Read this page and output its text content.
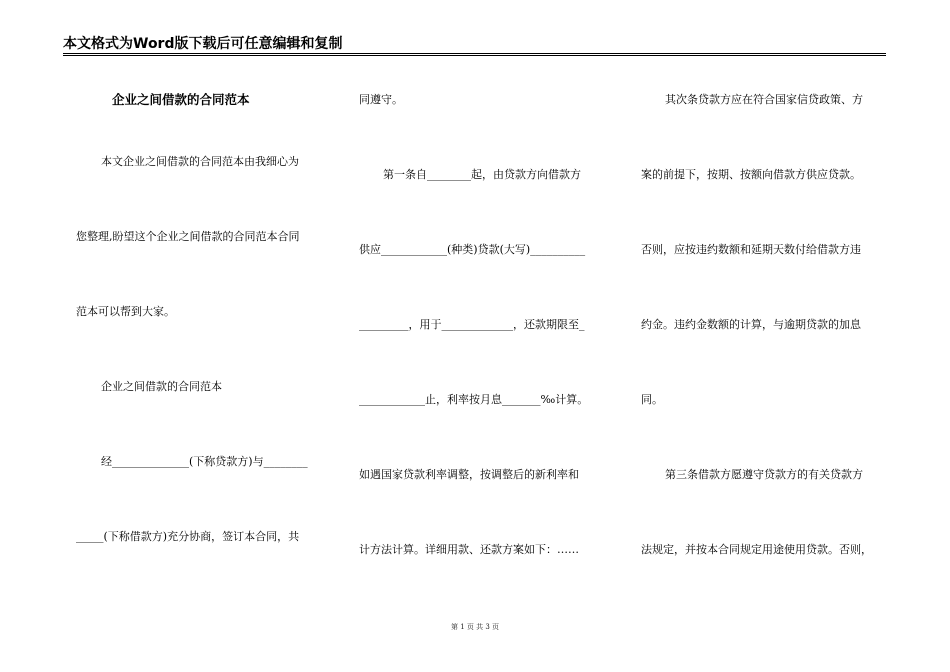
本文格式为Word版下载后可任意编辑和复制
企业之间借款的合同范本
本文企业之间借款的合同范本由我细心为
您整理,盼望这个企业之间借款的合同范本合同
范本可以帮到大家。
企业之间借款的合同范本
经______________(下称贷款方)与________
_____(下称借款方)充分协商，签订本合同，共
同遵守。
第一条自________起，由贷款方向借款方
供应____________(种类)贷款(大写)__________
_________，用于_____________，还款期限至_
____________止，利率按月息_______‰计算。
如遇国家贷款利率调整，按调整后的新利率和
计方法计算。详细用款、还款方案如下：……
其次条贷款方应在符合国家信贷政策、方
案的前提下，按期、按额向借款方供应贷款。
否则，应按违约数额和延期天数付给借款方违
约金。违约金数额的计算，与逾期贷款的加息
同。
第三条借款方愿遵守贷款方的有关贷款方
法规定，并按本合同规定用途使用贷款。否则，
第 1 页 共 3 页
